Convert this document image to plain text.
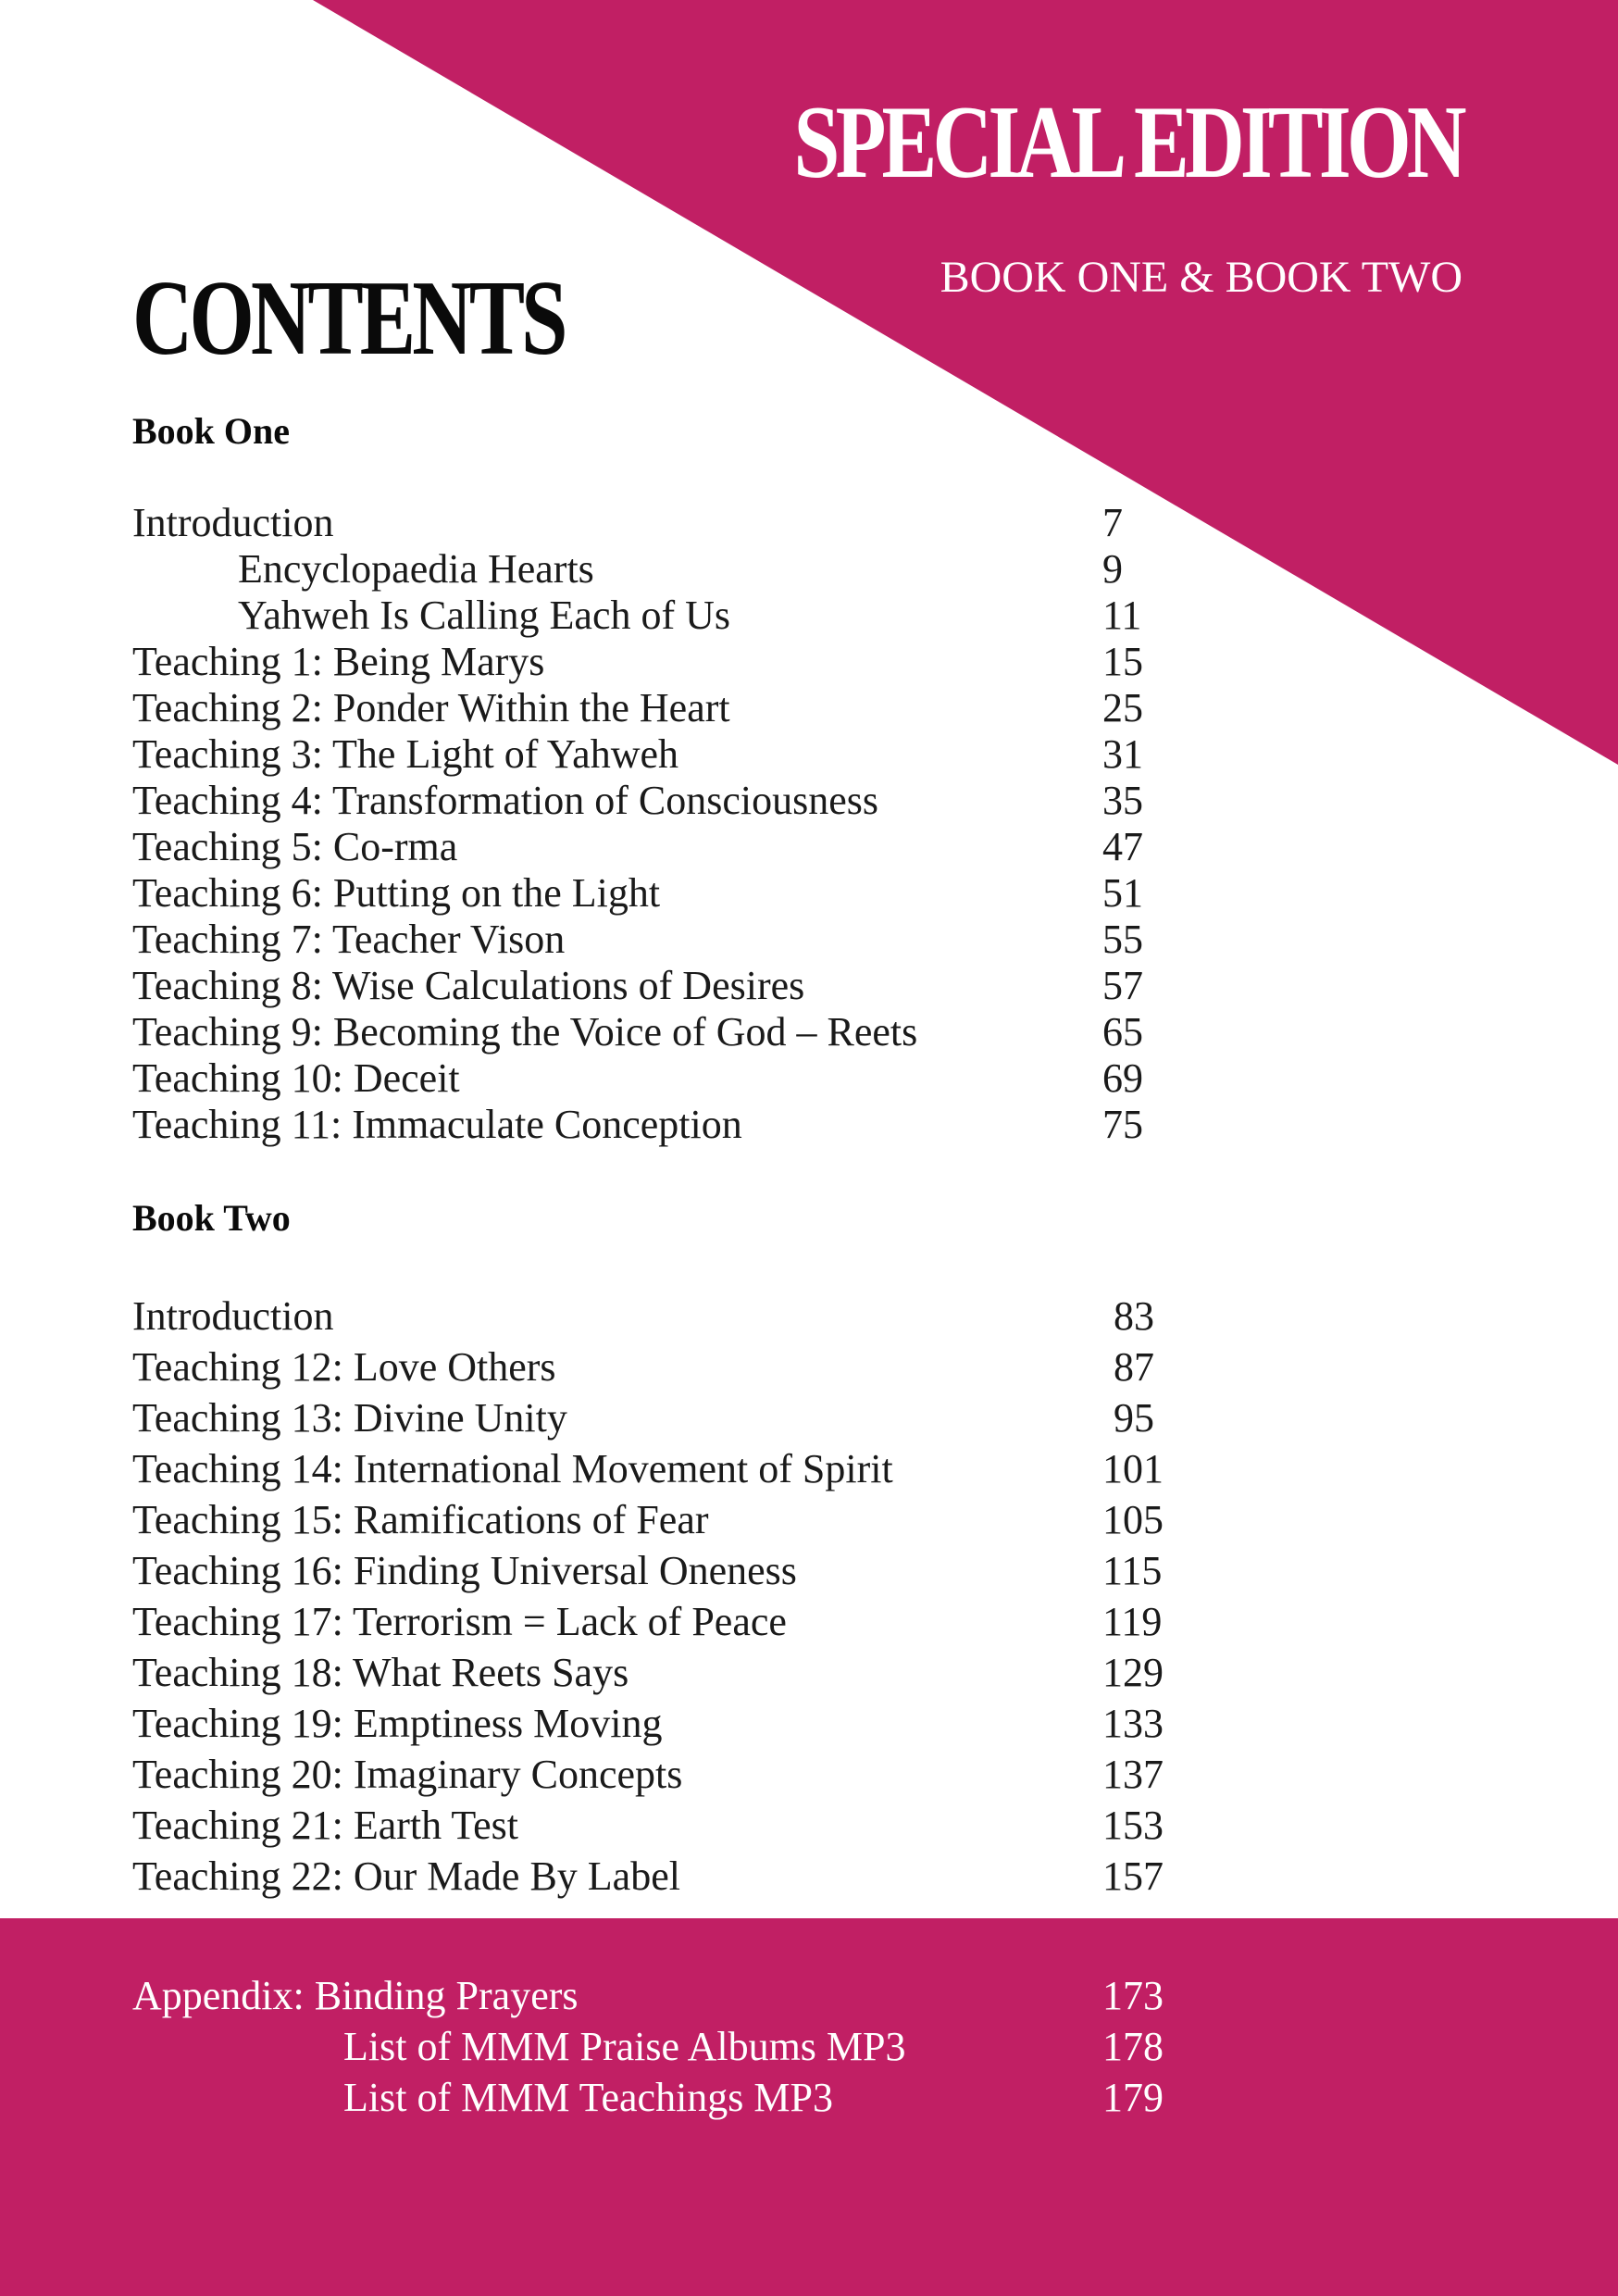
SPECIAL EDITION
BOOK ONE & BOOK TWO
CONTENTS
Book One
Introduction	7
Encyclopaedia Hearts	9
Yahweh Is Calling Each of Us	11
Teaching 1: Being Marys	15
Teaching 2: Ponder Within the Heart	25
Teaching 3: The Light of Yahweh	31
Teaching 4: Transformation of Consciousness	35
Teaching 5: Co-rma	47
Teaching 6: Putting on the Light	51
Teaching 7: Teacher Vison	55
Teaching 8: Wise Calculations of Desires	57
Teaching 9: Becoming the Voice of God – Reets	65
Teaching 10: Deceit	69
Teaching 11: Immaculate Conception	75
Book Two
Introduction	83
Teaching 12: Love Others	87
Teaching 13: Divine Unity	95
Teaching 14: International Movement of Spirit	101
Teaching 15: Ramifications of Fear	105
Teaching 16: Finding Universal Oneness	115
Teaching 17: Terrorism = Lack of Peace	119
Teaching 18: What Reets Says	129
Teaching 19: Emptiness Moving	133
Teaching 20: Imaginary Concepts	137
Teaching 21: Earth Test	153
Teaching 22: Our Made By Label	157
Appendix: Binding Prayers	173
List of MMM Praise Albums MP3	178
List of MMM Teachings MP3	179
